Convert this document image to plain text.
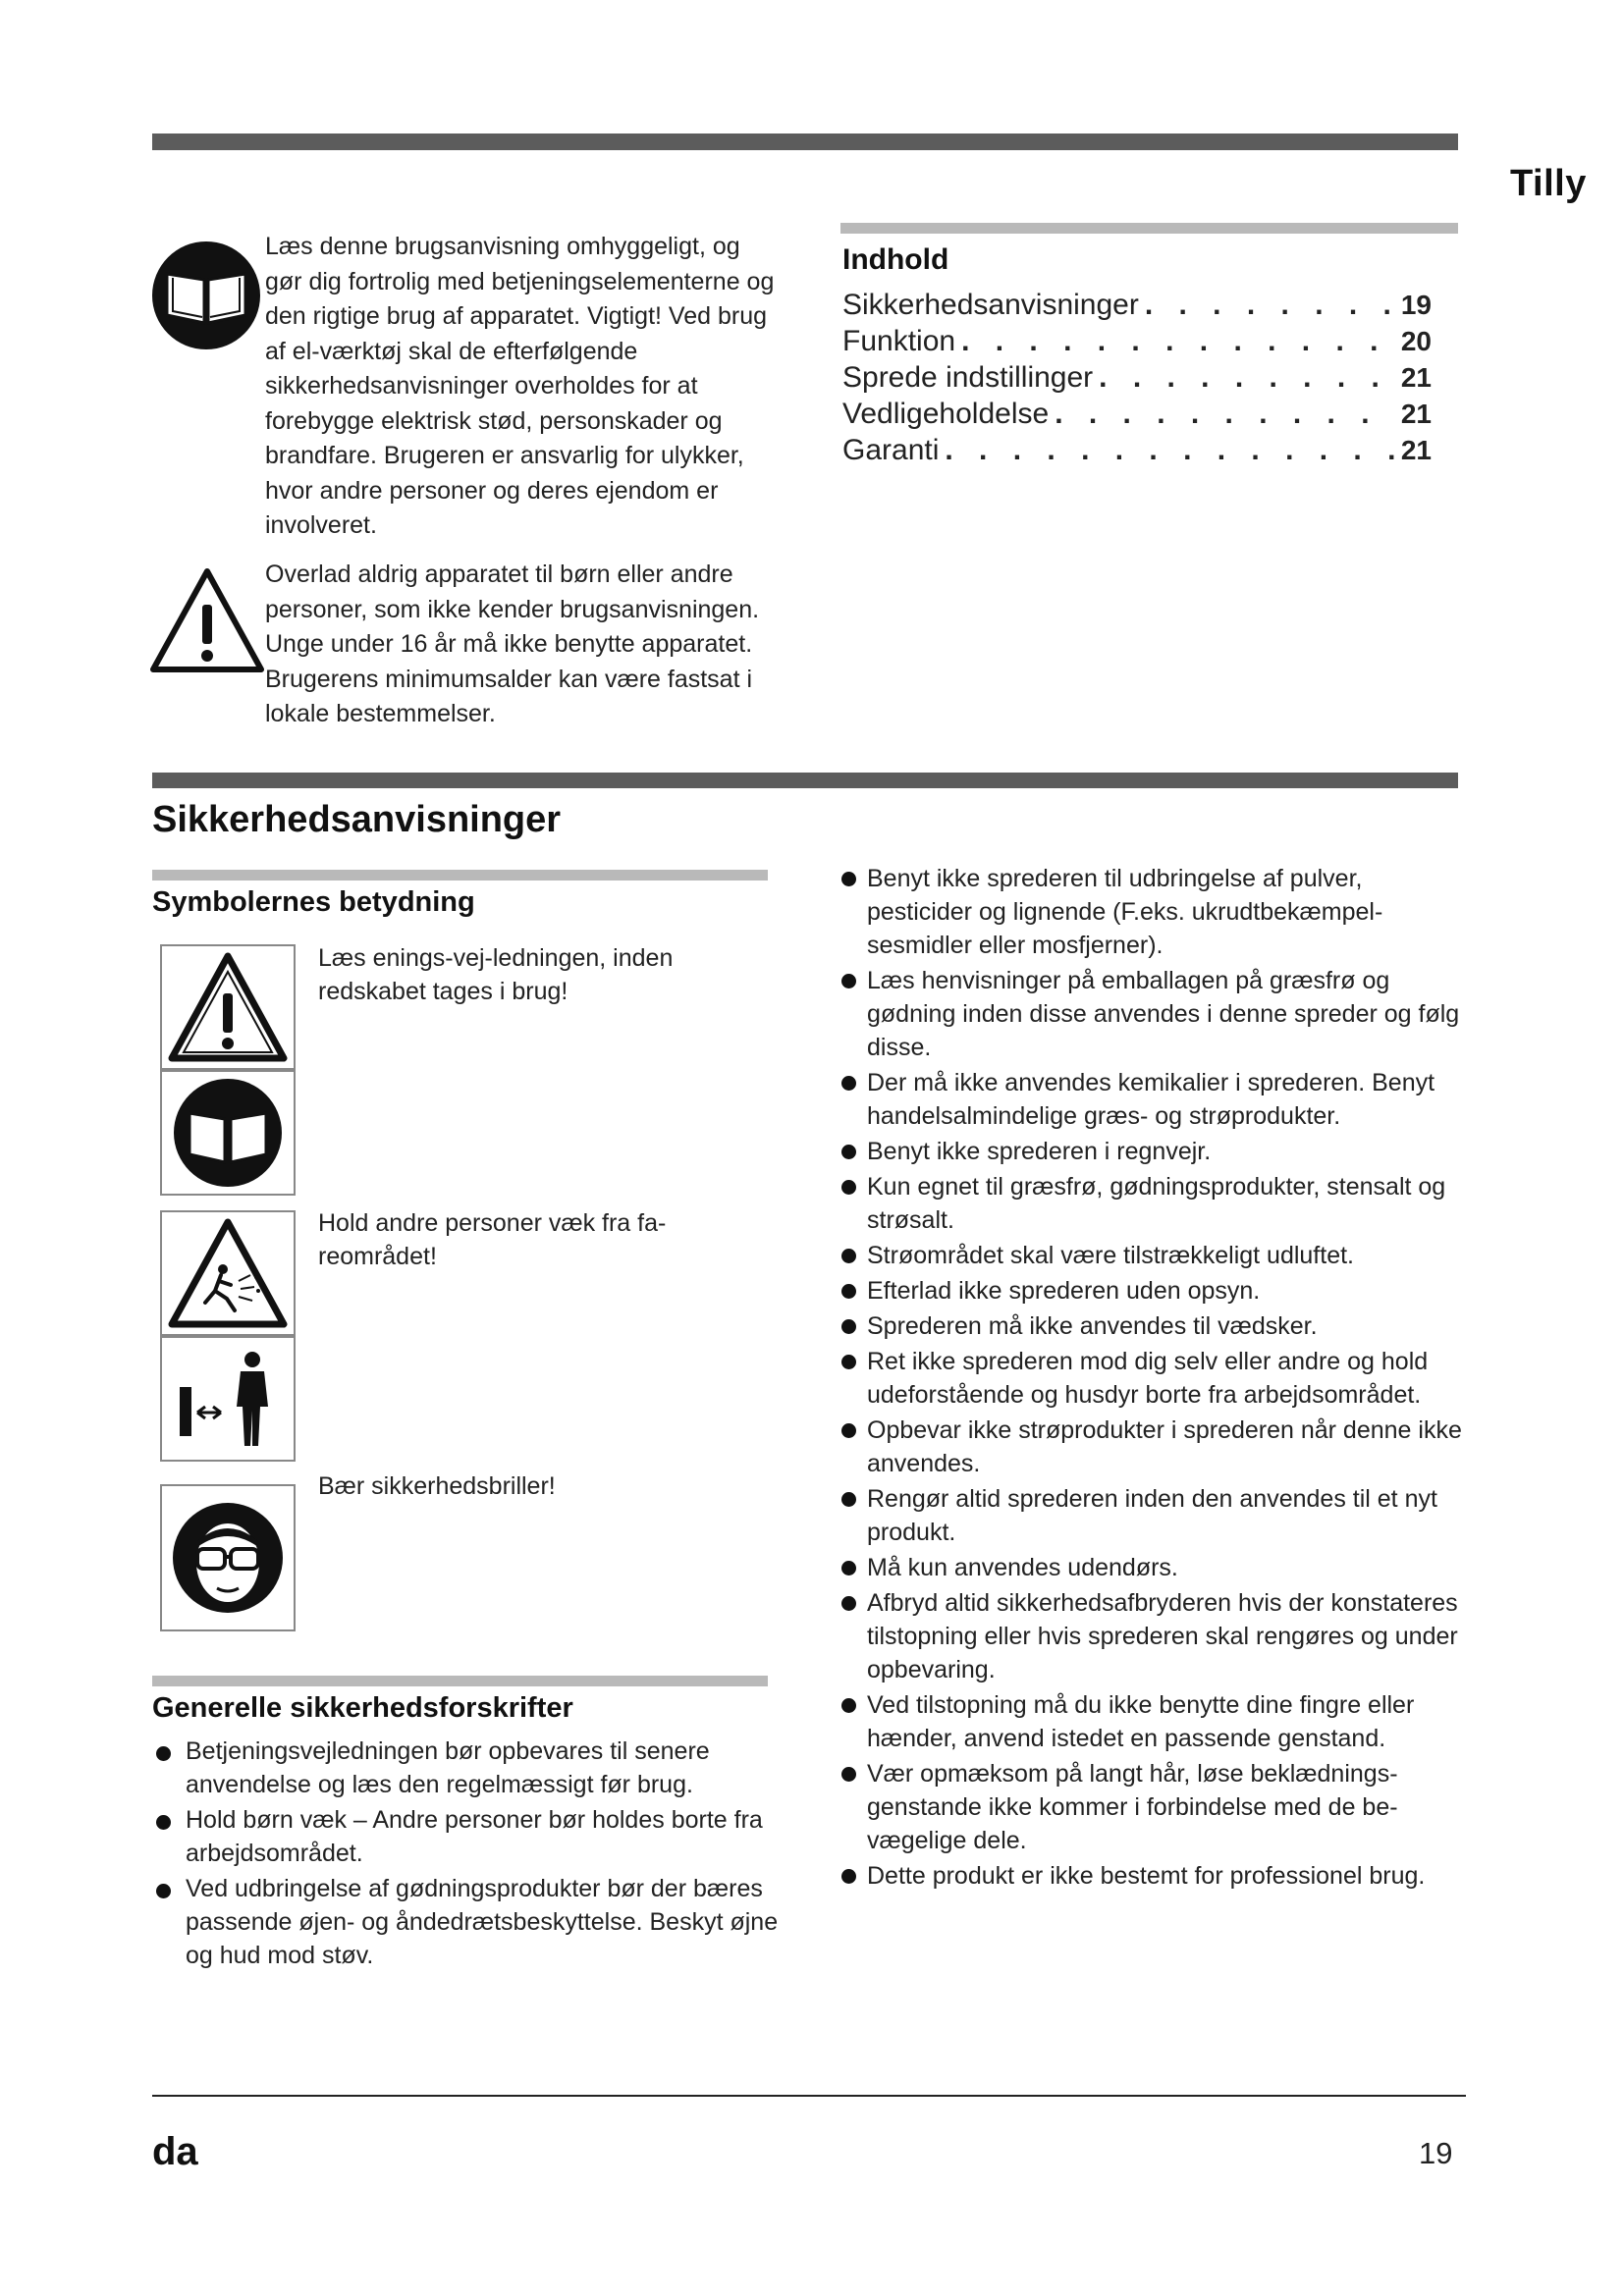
Tilly
Læs denne brugsanvisning omhyggeligt, og gør dig fortrolig med betjeningselementerne og den rigtige brug af apparatet. Vigtigt! Ved brug af el-værktøj skal de efterfølgende sikkerhedsanvisninger overholdes for at forebygge elektrisk stød, personskader og brandfare. Brugeren er ansvarlig for ulykker, hvor andre personer og deres ejendom er involveret.
Overlad aldrig apparatet til børn eller andre personer, som ikke kender brugsanvisningen. Unge under 16 år må ikke benytte apparatet. Brugerens minimumsalder kan være fastsat i lokale bestemmelser.
Indhold
Sikkerhedsanvisninger . . .	19
Funktion . . .	20
Sprede indstillinger . . .	21
Vedligeholdelse . . .	21
Garanti . . .	21
Sikkerhedsanvisninger
Symbolernes betydning
Læs enings-vej-ledningen, inden redskabet tages i brug!
Hold andre personer væk fra fareområdet!
Bær sikkerhedsbriller!
Generelle sikkerhedsforskrifter
Betjeningsvejledningen bør opbevares til senere anvendelse og læs den regelmæssigt før brug.
Hold børn væk – Andre personer bør holdes borte fra arbejdsområdet.
Ved udbringelse af gødningsprodukter bør der bæres passende øjen- og åndedrætsbeskyttelse. Beskyt øjne og hud mod støv.
Benyt ikke sprederen til udbringelse af pulver, pesticider og lignende (F.eks. ukrudtbekæmpelsesmidler eller mosfjerner).
Læs henvisninger på emballagen på græsfrø og gødning inden disse anvendes i denne spreder og følg disse.
Der må ikke anvendes kemikalier i sprederen. Benyt handelsalmindelige græs- og strøprodukter.
Benyt ikke sprederen i regnvejr.
Kun egnet til græsfrø, gødningsprodukter, stensalt og strøsalt.
Strøområdet skal være tilstrækkeligt udluftet.
Efterlad ikke sprederen uden opsyn.
Sprederen må ikke anvendes til vædsker.
Ret ikke sprederen mod dig selv eller andre og hold udeforstående og husdyr borte fra arbejdsområdet.
Opbevar ikke strøprodukter i sprederen når denne ikke anvendes.
Rengør altid sprederen inden den anvendes til et nyt produkt.
Må kun anvendes udendørs.
Afbryd altid sikkerhedsafbryderen hvis der konstateres tilstopning eller hvis sprederen skal rengøres og under opbevaring.
Ved tilstopning må du ikke benytte dine fingre eller hænder, anvend istedet en passende genstand.
Vær opmæksom på langt hår, løse beklædningsgenstande ikke kommer i forbindelse med de bevægelige dele.
Dette produkt er ikke bestemt for professionel brug.
da	19
